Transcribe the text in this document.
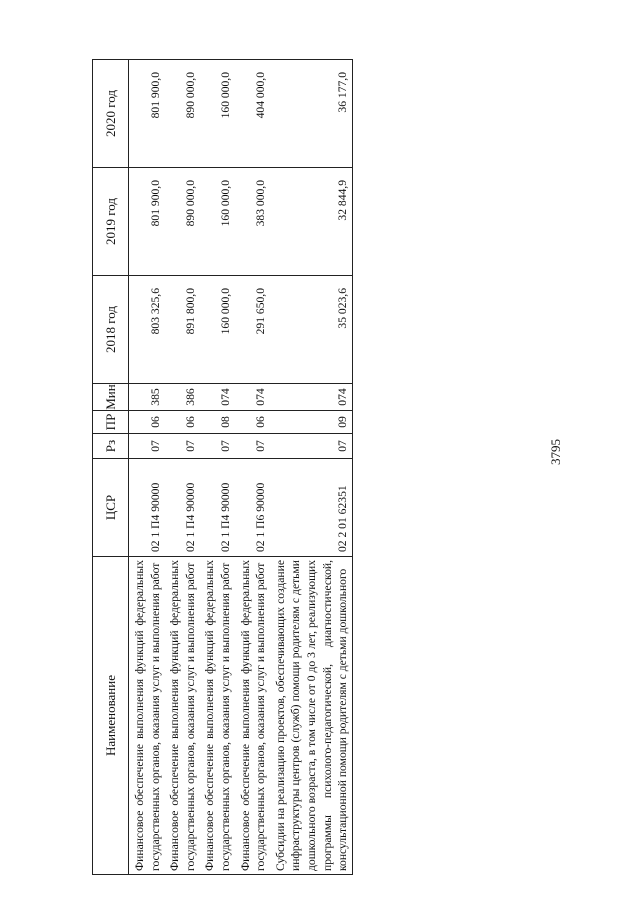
3795
Наименование	ЦСР	Рз	ПР	Мин	2018 год	2019 год	2020 год
Финансовое обеспечение выполнения функций федеральных государственных органов, оказания услуг и выполнения работ	02 1 П4 90000	07	06	385	803 325,6	801 900,0	801 900,0
Финансовое обеспечение выполнения функций федеральных государственных органов, оказания услуг и выполнения работ	02 1 П4 90000	07	06	386	891 800,0	890 000,0	890 000,0
Финансовое обеспечение выполнения функций федеральных государственных органов, оказания услуг и выполнения работ	02 1 П4 90000	07	08	074	160 000,0	160 000,0	160 000,0
Финансовое обеспечение выполнения функций федеральных государственных органов, оказания услуг и выполнения работ	02 1 П6 90000	07	06	074	291 650,0	383 000,0	404 000,0
Субсидии на реализацию проектов, обеспечивающих создание инфраструктуры центров (служб) помощи родителям с детьми дошкольного возраста, в том числе от 0 до 3 лет, реализующих программы психолого-педагогической, диагностической, консультационной помощи родителям с детьми дошкольного	02 2 01 62351	07	09	074	35 023,6	32 844,9	36 177,0
